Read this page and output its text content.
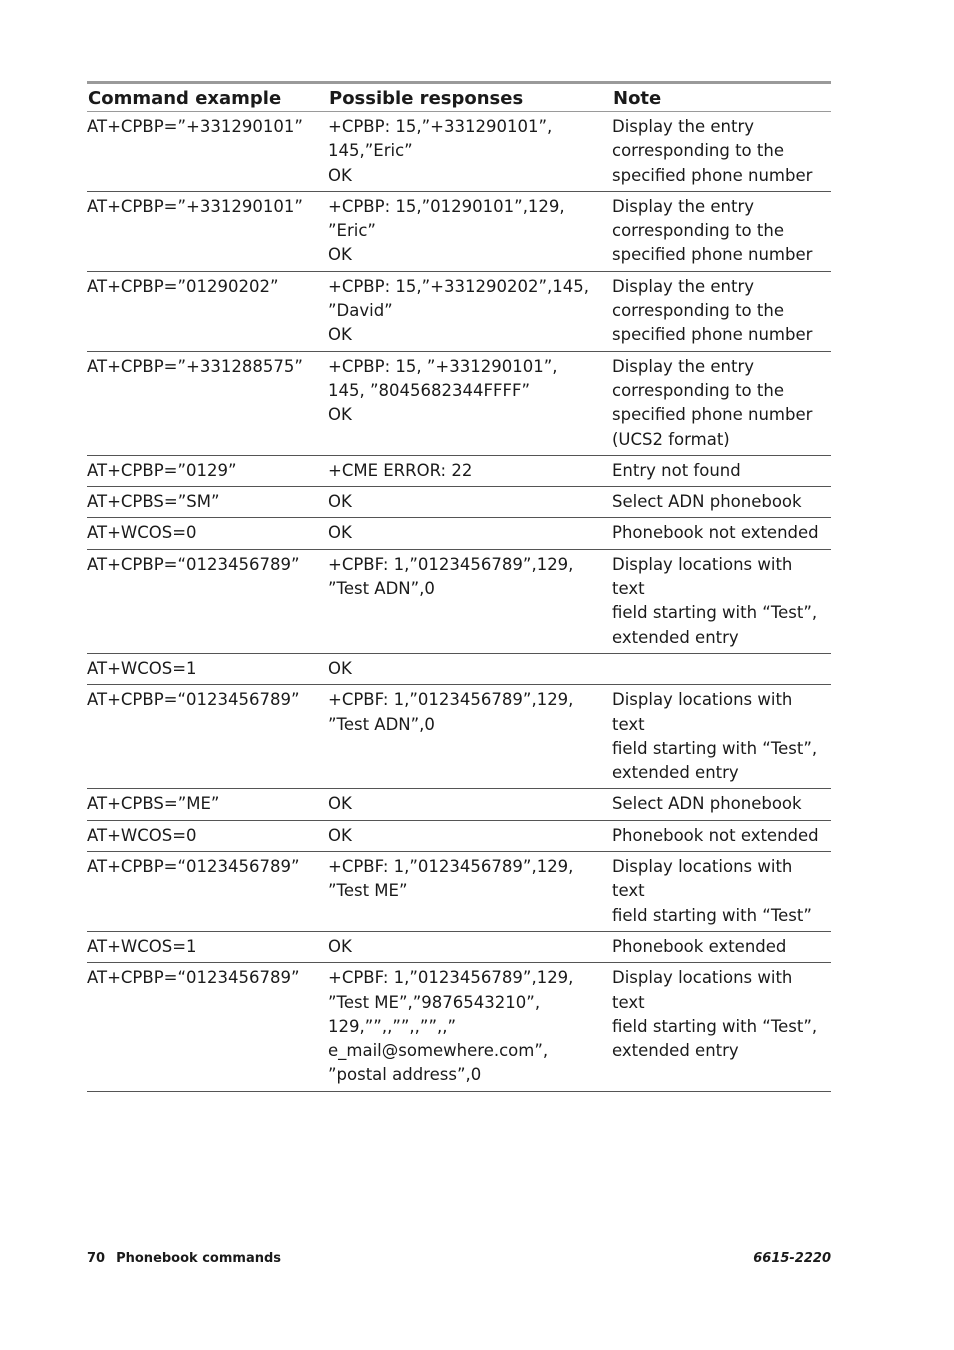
Command example	Possible responses	Note
AT+CPBP=”+331290101”	+CPBP: 15,”+331290101”,
145,”Eric”
OK	Display the entry
corresponding to the
specified phone number
AT+CPBP=”+331290101”	+CPBP: 15,”01290101”,129,
”Eric”
OK	Display the entry
corresponding to the
specified phone number
AT+CPBP=”01290202”	+CPBP: 15,”+331290202”,145,
”David”
OK	Display the entry
corresponding to the
specified phone number
AT+CPBP=”+331288575”	+CPBP: 15, ”+331290101”,
145, ”8045682344FFFF”
OK	Display the entry
corresponding to the
specified phone number
(UCS2 format)
AT+CPBP=”0129”	+CME ERROR: 22	Entry not found
AT+CPBS=”SM”	OK	Select ADN phonebook
AT+WCOS=0	OK	Phonebook not extended
AT+CPBP=“0123456789”	+CPBF: 1,”0123456789”,129,
”Test ADN”,0	Display locations with text
field starting with “Test”,
extended entry
AT+WCOS=1	OK	
AT+CPBP=“0123456789”	+CPBF: 1,”0123456789”,129,
”Test ADN”,0	Display locations with text
field starting with “Test”,
extended entry
AT+CPBS=”ME”	OK	Select ADN phonebook
AT+WCOS=0	OK	Phonebook not extended
AT+CPBP=“0123456789”	+CPBF: 1,”0123456789”,129,
”Test ME”	Display locations with text
field starting with “Test”
AT+WCOS=1	OK	Phonebook extended
AT+CPBP=“0123456789”	+CPBF: 1,”0123456789”,129,
”Test ME”,”9876543210”,
129,””,,””,,””,,”
e_mail@somewhere.com”,
”postal address”,0	Display locations with text
field starting with “Test”,
extended entry
70 Phonebook commands	6615-2220
